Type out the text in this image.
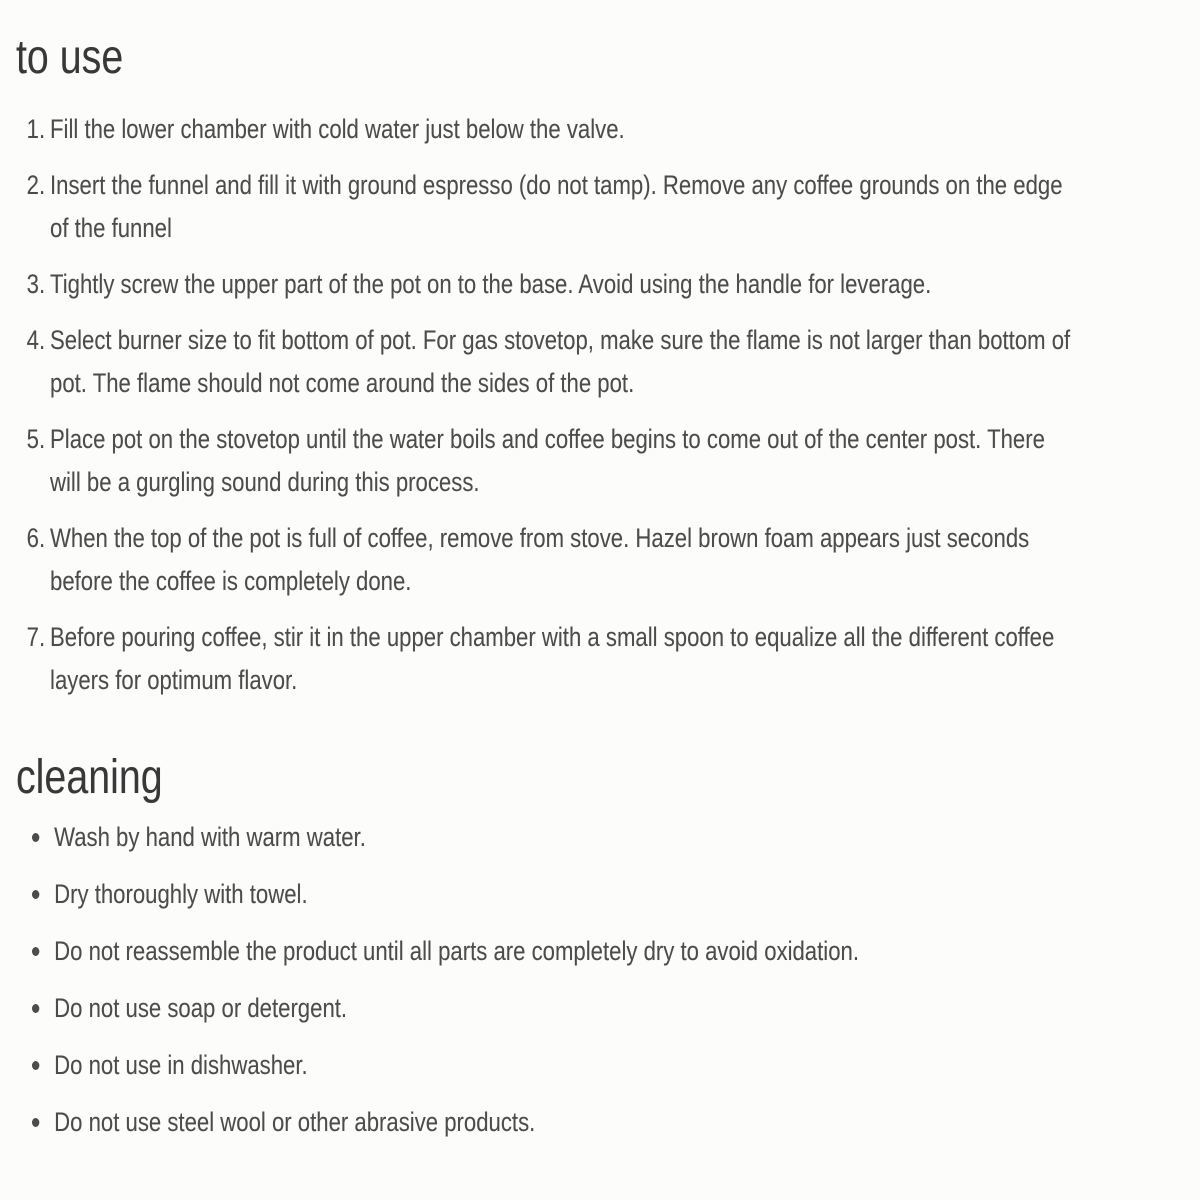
to use
1. Fill the lower chamber with cold water just below the valve.
2. Insert the funnel and fill it with ground espresso (do not tamp). Remove any coffee grounds on the edge
of the funnel
3. Tightly screw the upper part of the pot on to the base. Avoid using the handle for leverage.
4. Select burner size to fit bottom of pot. For gas stovetop, make sure the flame is not larger than bottom of
pot. The flame should not come around the sides of the pot.
5. Place pot on the stovetop until the water boils and coffee begins to come out of the center post. There
will be a gurgling sound during this process.
6. When the top of the pot is full of coffee, remove from stove. Hazel brown foam appears just seconds
before the coffee is completely done.
7. Before pouring coffee, stir it in the upper chamber with a small spoon to equalize all the different coffee
layers for optimum flavor.
cleaning
Wash by hand with warm water.
Dry thoroughly with towel.
Do not reassemble the product until all parts are completely dry to avoid oxidation.
Do not use soap or detergent.
Do not use in dishwasher.
Do not use steel wool or other abrasive products.
